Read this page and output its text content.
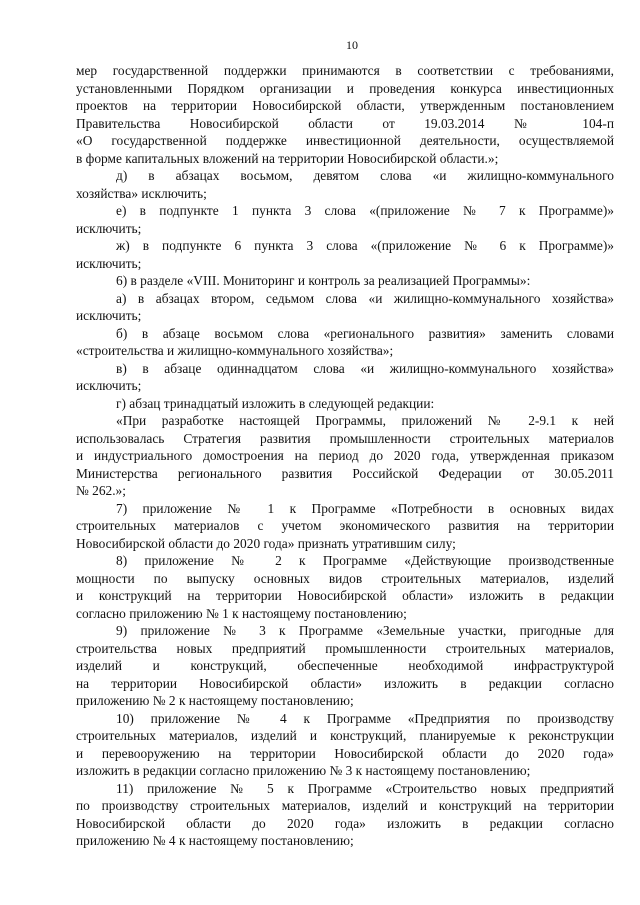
10
мер государственной поддержки принимаются в соответствии с требованиями,
установленными Порядком организации и проведения конкурса инвестиционных
проектов на территории Новосибирской области, утвержденным постановлением
Правительства Новосибирской области от 19.03.2014 № 104-п
«О государственной поддержке инвестиционной деятельности, осуществляемой
в форме капитальных вложений на территории Новосибирской области.»;
д) в абзацах восьмом, девятом слова «и жилищно-коммунального
хозяйства» исключить;
е) в подпункте 1 пункта 3 слова «(приложение № 7 к Программе)»
исключить;
ж) в подпункте 6 пункта 3 слова «(приложение № 6 к Программе)»
исключить;
6) в разделе «VIII. Мониторинг и контроль за реализацией Программы»:
а) в абзацах втором, седьмом слова «и жилищно-коммунального хозяйства»
исключить;
б) в абзаце восьмом слова «регионального развития» заменить словами
«строительства и жилищно-коммунального хозяйства»;
в) в абзаце одиннадцатом слова «и жилищно-коммунального хозяйства»
исключить;
г) абзац тринадцатый изложить в следующей редакции:
«При разработке настоящей Программы, приложений № 2-9.1 к ней
использовалась Стратегия развития промышленности строительных материалов
и индустриального домостроения на период до 2020 года, утвержденная приказом
Министерства регионального развития Российской Федерации от 30.05.2011
№ 262.»;
7) приложение № 1 к Программе «Потребности в основных видах
строительных материалов с учетом экономического развития на территории
Новосибирской области до 2020 года» признать утратившим силу;
8) приложение № 2 к Программе «Действующие производственные
мощности по выпуску основных видов строительных материалов, изделий
и конструкций на территории Новосибирской области» изложить в редакции
согласно приложению № 1 к настоящему постановлению;
9) приложение № 3 к Программе «Земельные участки, пригодные для
строительства новых предприятий промышленности строительных материалов,
изделий и конструкций, обеспеченные необходимой инфраструктурой
на территории Новосибирской области» изложить в редакции согласно
приложению № 2 к настоящему постановлению;
10) приложение № 4 к Программе «Предприятия по производству
строительных материалов, изделий и конструкций, планируемые к реконструкции
и перевооружению на территории Новосибирской области до 2020 года»
изложить в редакции согласно приложению № 3 к настоящему постановлению;
11) приложение № 5 к Программе «Строительство новых предприятий
по производству строительных материалов, изделий и конструкций на территории
Новосибирской области до 2020 года» изложить в редакции согласно
приложению № 4 к настоящему постановлению;
